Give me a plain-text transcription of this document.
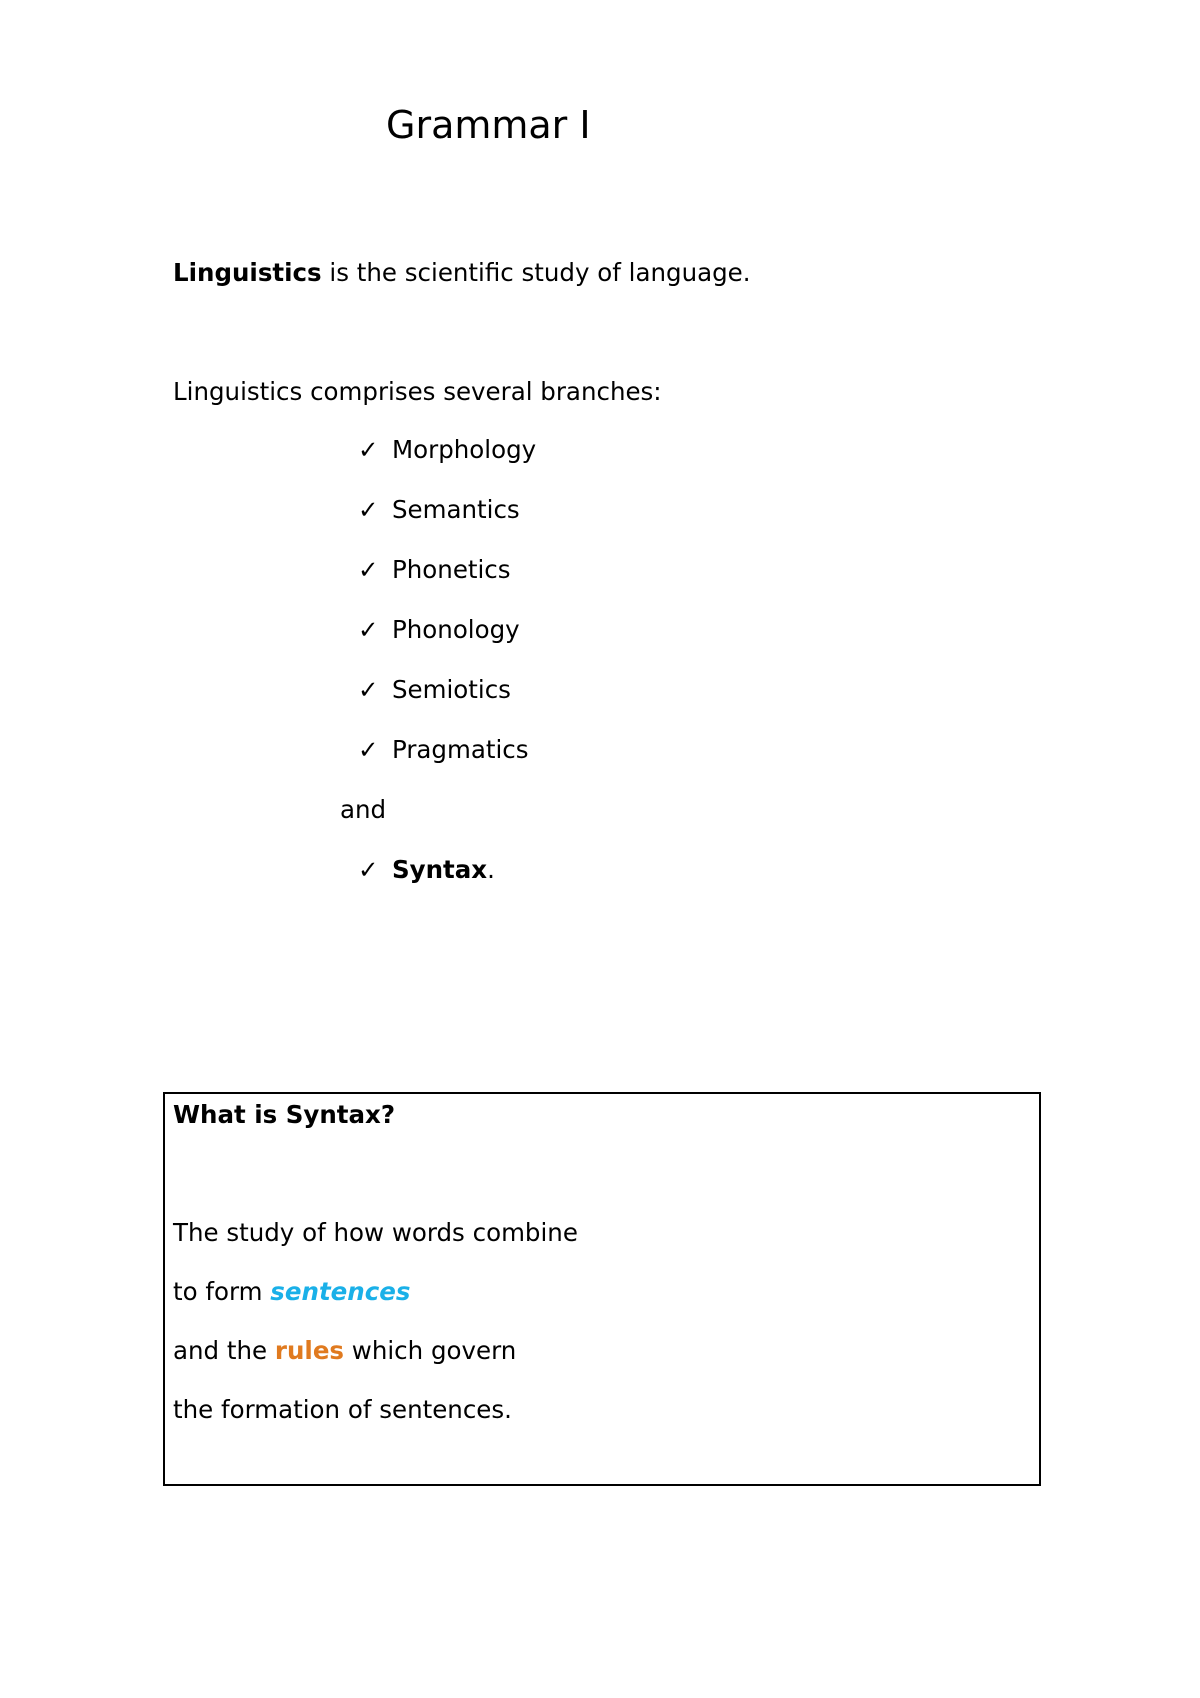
Grammar I
Linguistics is the scientific study of language.
Linguistics comprises several branches:
✓ Morphology
✓ Semantics
✓ Phonetics
✓ Phonology
✓ Semiotics
✓ Pragmatics
and
✓ Syntax.
What is Syntax?
The study of how words combine
to form sentences
and the rules which govern
the formation of sentences.
